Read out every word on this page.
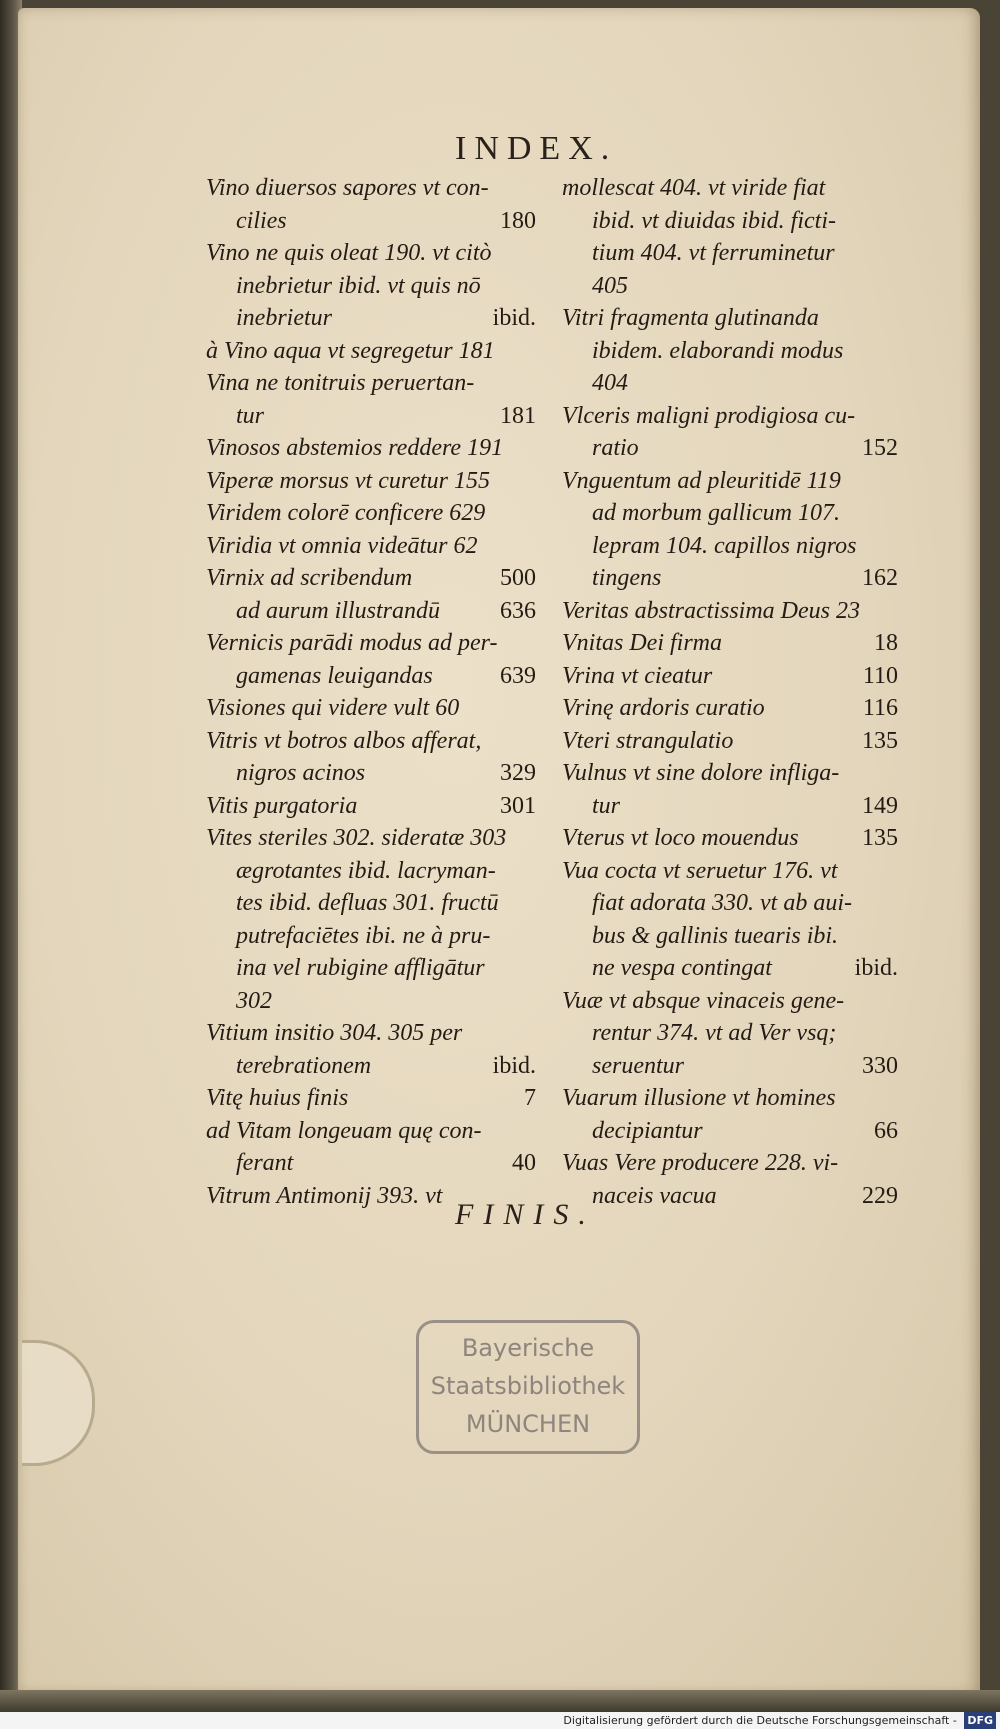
INDEX.
Vino diuersos sapores vt con-
cilies	180
Vino ne quis oleat 190. vt citò
inebrietur ibid. vt quis nō
inebrietur	ibid.
à Vino aqua vt segregetur 181
Vina ne tonitruis peruertan-
tur	181
Vinosos abstemios reddere 191
Viperæ morsus vt curetur 155
Viridem colorē conficere 629
Viridia vt omnia videātur 62
Virnix ad scribendum	500
ad aurum illustrandū 636
Vernicis parādi modus ad per-
gamenas leuigandas	639
Visiones qui videre vult 60
Vitris vt botros albos afferat,
nigros acinos	329
Vitis purgatoria	301
Vites steriles 302. sideratæ 303
ægrotantes ibid. lacryman-
tes ibid. defluas 301. fructū
putrefaciētes ibi. ne à pru-
ina vel rubigine affligātur
302
Vitium insitio 304. 305 per
terebrationem	ibid.
Vitę huius finis	7
ad Vitam longeuam quę con-
ferant	40
Vitrum Antimonij 393. vt
mollescat 404. vt viride fiat
ibid. vt diuidas ibid. ficti-
tium 404. vt ferruminetur
405
Vitri fragmenta glutinanda
ibidem. elaborandi modus
404
Vlceris maligni prodigiosa cu-
ratio	152
Vnguentum ad pleuritidē 119
ad morbum gallicum 107.
lepram 104. capillos nigros
tingens	162
Veritas abstractissima Deus 23
Vnitas Dei firma	18
Vrina vt cieatur	110
Vrinę ardoris curatio	116
Vteri strangulatio	135
Vulnus vt sine dolore infliga-
tur	149
Vterus vt loco mouendus	135
Vua cocta vt seruetur 176. vt
fiat adorata 330. vt ab aui-
bus & gallinis tuearis ibi.
ne vespa contingat	ibid.
Vuæ vt absque vinaceis gene-
rentur 374. vt ad Ver vsq;
seruentur	330
Vuarum illusione vt homines
decipiantur	66
Vuas Vere producere 228. vi-
naceis vacua	229
FINIS.
Bayerische
Staatsbibliothek
MÜNCHEN
Digitalisierung gefördert durch die Deutsche Forschungsgemeinschaft - DFG
